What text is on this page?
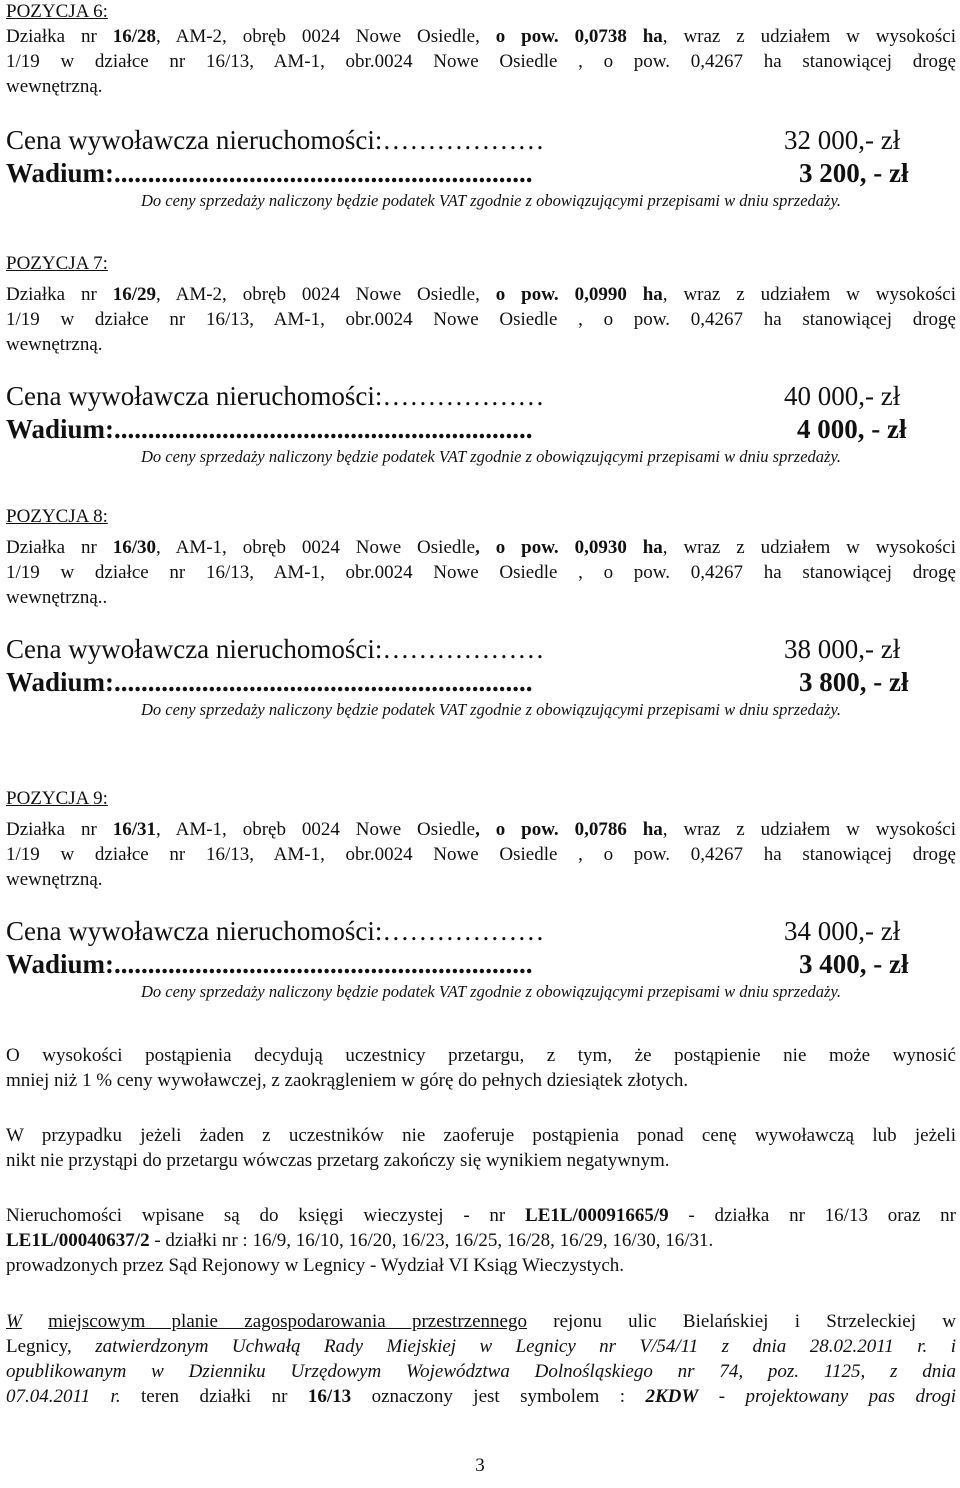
POZYCJA 6:

Działka nr 16/28, AM-2, obręb 0024 Nowe Osiedle, o pow. 0,0738 ha, wraz z udziałem w wysokości
1/19 w działce nr 16/13, AM-1, obr.0024 Nowe Osiedle , o pow. 0,4267 ha stanowiącej drogę
wewnętrzną.

Cena wywoławcza nieruchomości:………………	32 000,- zł
Wadium:..............................................................	3 200, - zł

Do ceny sprzedaży naliczony będzie podatek VAT zgodnie z obowiązującymi przepisami w dniu sprzedaży.

POZYCJA 7:

Działka nr 16/29, AM-2, obręb 0024 Nowe Osiedle, o pow. 0,0990 ha, wraz z udziałem w wysokości
1/19 w działce nr 16/13, AM-1, obr.0024 Nowe Osiedle , o pow. 0,4267 ha stanowiącej drogę
wewnętrzną.

Cena wywoławcza nieruchomości:………………	40 000,- zł
Wadium:..............................................................	4 000, - zł

Do ceny sprzedaży naliczony będzie podatek VAT zgodnie z obowiązującymi przepisami w dniu sprzedaży.

POZYCJA 8:

Działka nr 16/30, AM-1, obręb 0024 Nowe Osiedle, o pow. 0,0930 ha, wraz z udziałem w wysokości
1/19 w działce nr 16/13, AM-1, obr.0024 Nowe Osiedle , o pow. 0,4267 ha stanowiącej drogę
wewnętrzną..

Cena wywoławcza nieruchomości:………………	38 000,- zł
Wadium:..............................................................	3 800, - zł

Do ceny sprzedaży naliczony będzie podatek VAT zgodnie z obowiązującymi przepisami w dniu sprzedaży.

POZYCJA 9:

Działka nr 16/31, AM-1, obręb 0024 Nowe Osiedle, o pow. 0,0786 ha, wraz z udziałem w wysokości
1/19 w działce nr 16/13, AM-1, obr.0024 Nowe Osiedle , o pow. 0,4267 ha stanowiącej drogę
wewnętrzną.

Cena wywoławcza nieruchomości:………………	34 000,- zł
Wadium:..............................................................	3 400, - zł

Do ceny sprzedaży naliczony będzie podatek VAT zgodnie z obowiązującymi przepisami w dniu sprzedaży.

O wysokości postąpienia decydują uczestnicy przetargu, z tym, że postąpienie nie może wynosić
mniej niż 1 % ceny wywoławczej, z zaokrągleniem w górę do pełnych dziesiątek złotych.

W przypadku jeżeli żaden z uczestników nie zaoferuje postąpienia ponad cenę wywoławczą lub jeżeli
nikt nie przystąpi do przetargu wówczas przetarg zakończy się wynikiem negatywnym.

Nieruchomości wpisane są do księgi wieczystej - nr LE1L/00091665/9 - działka nr 16/13 oraz nr
LE1L/00040637/2 - działki nr : 16/9, 16/10, 16/20, 16/23, 16/25, 16/28, 16/29, 16/30, 16/31.
prowadzonych przez Sąd Rejonowy w Legnicy - Wydział VI Ksiąg Wieczystych.

W miejscowym planie zagospodarowania przestrzennego rejonu ulic Bielańskiej i Strzeleckiej w
Legnicy, zatwierdzonym Uchwałą Rady Miejskiej w Legnicy nr V/54/11 z dnia 28.02.2011 r. i
opublikowanym w Dzienniku Urzędowym Województwa Dolnośląskiego nr 74, poz. 1125, z dnia
07.04.2011 r. teren działki nr 16/13 oznaczony jest symbolem : 2KDW - projektowany pas drogi

3
